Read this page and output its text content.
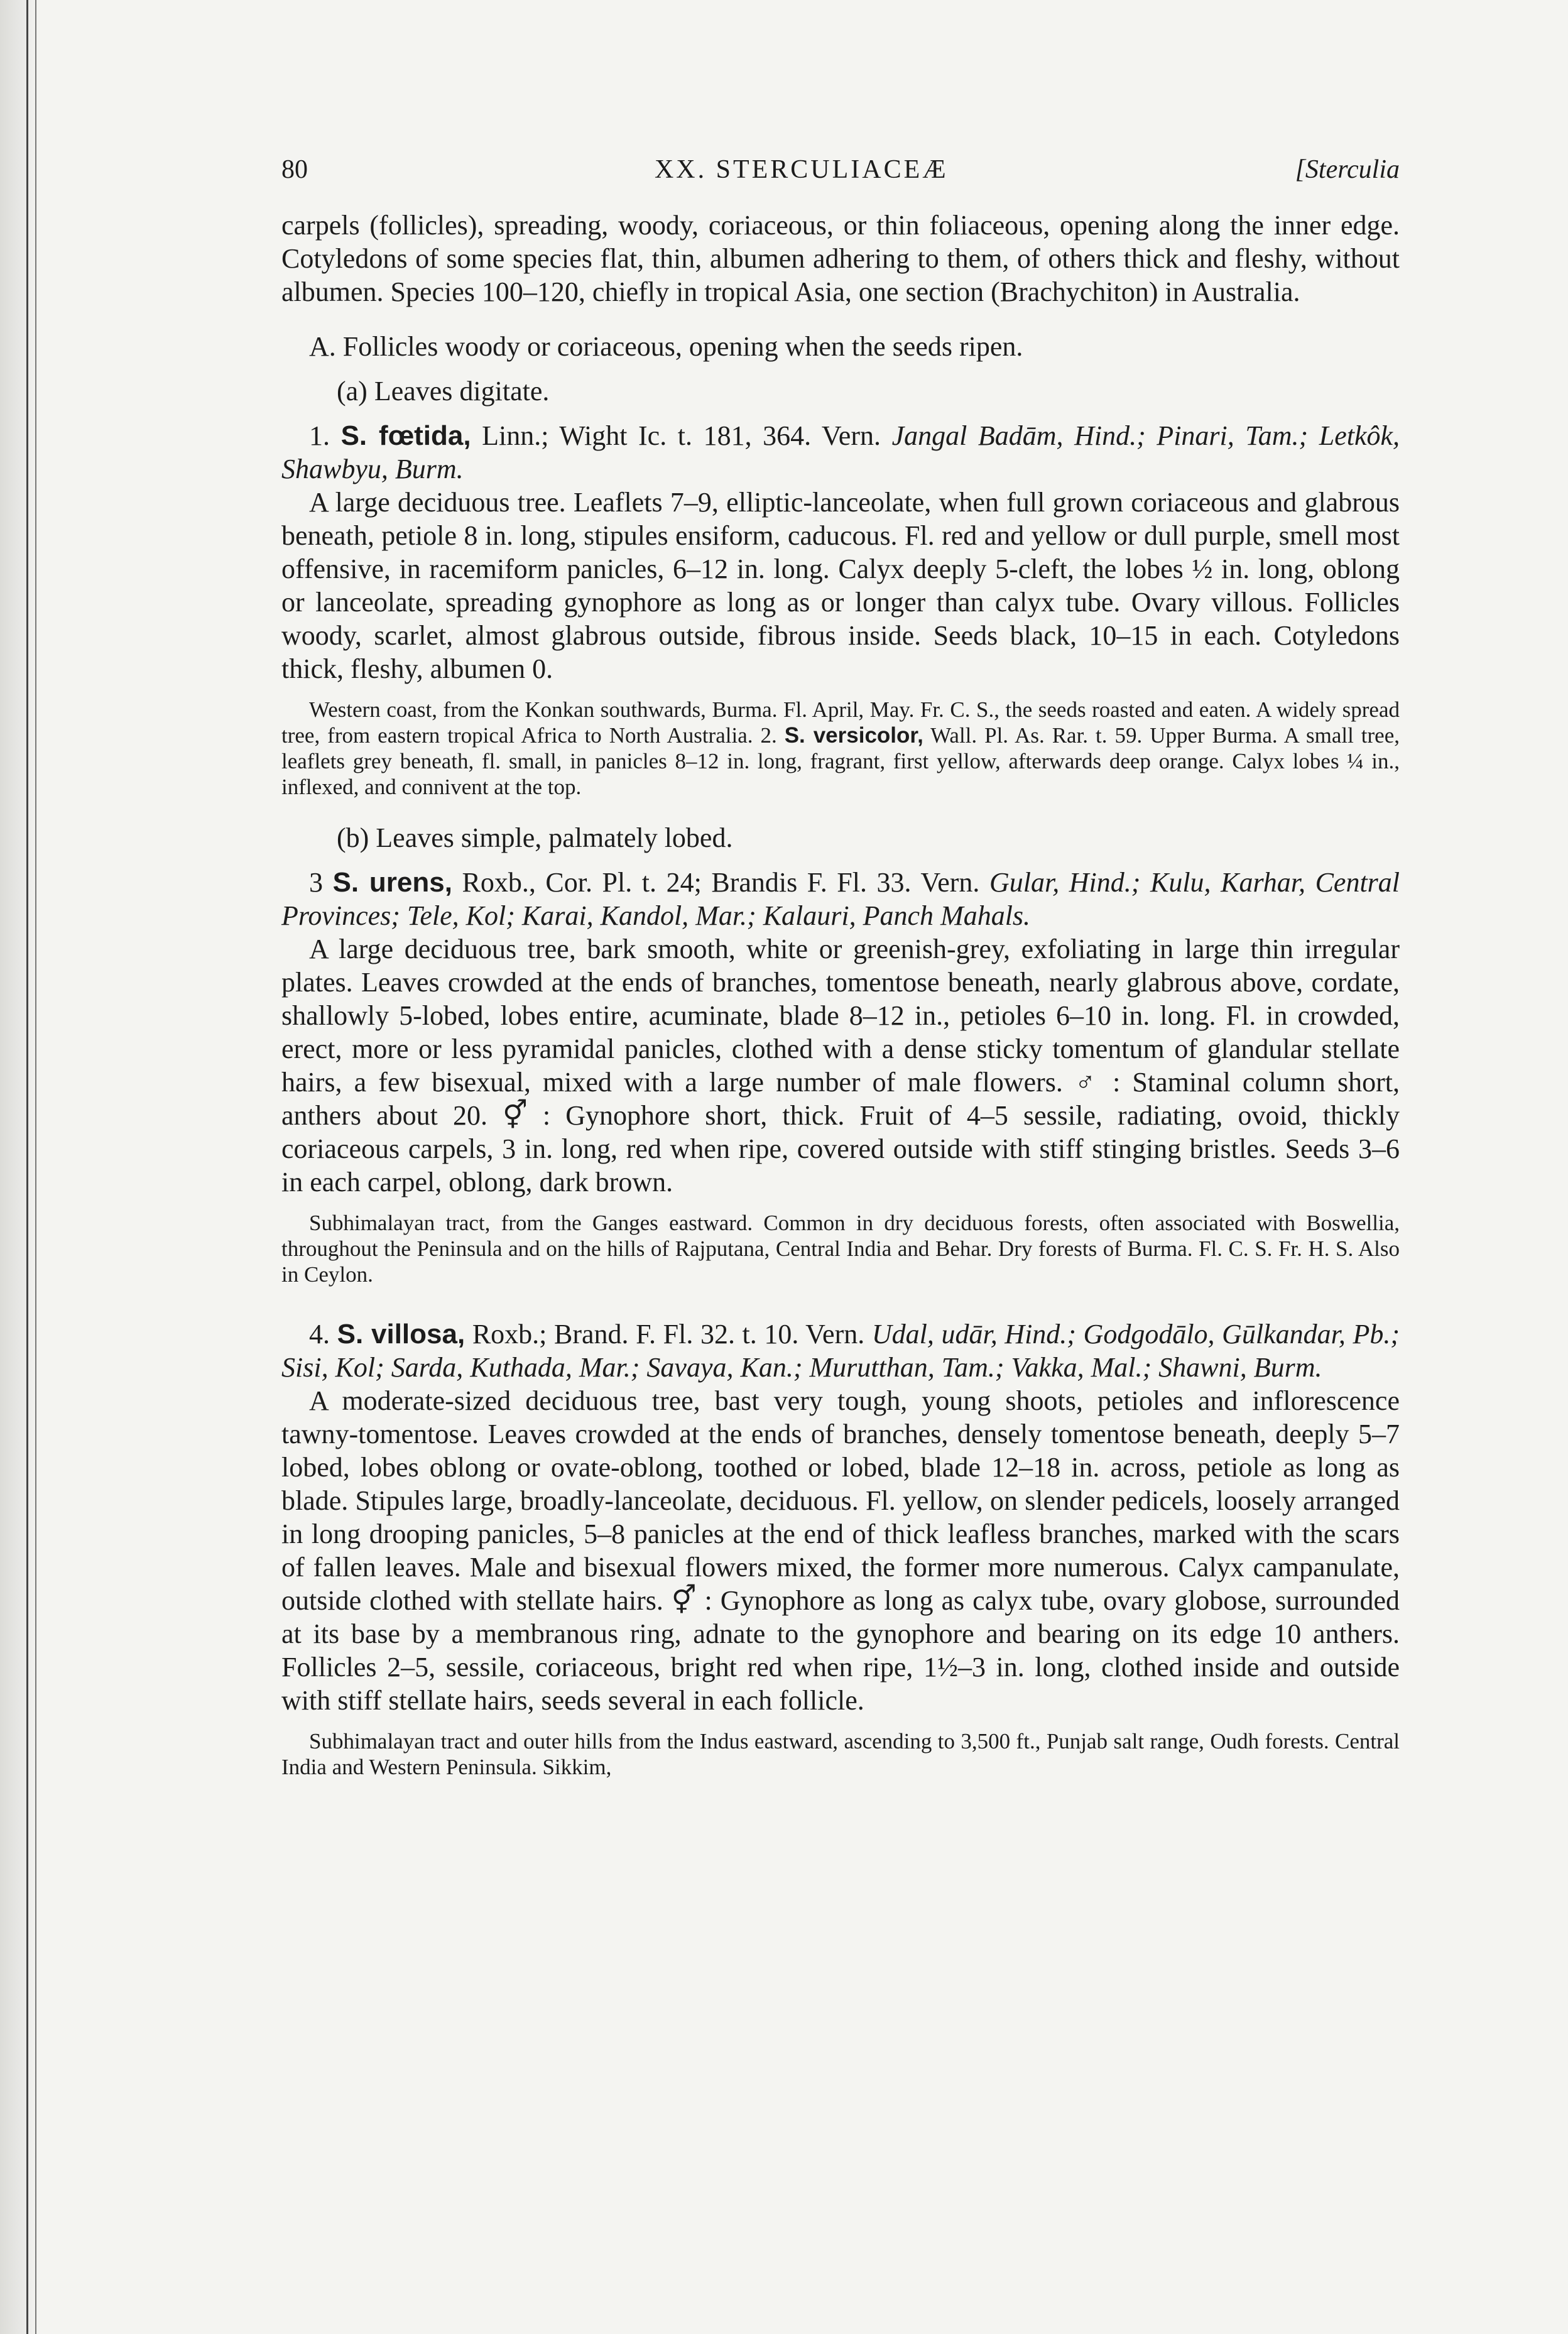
80	XX. STERCULIACEÆ	[Sterculia

carpels (follicles), spreading, woody, coriaceous, or thin foliaceous, opening along the inner edge. Cotyledons of some species flat, thin, albumen adhering to them, of others thick and fleshy, without albumen. Species 100–120, chiefly in tropical Asia, one section (Brachychiton) in Australia.

A. Follicles woody or coriaceous, opening when the seeds ripen.

(a) Leaves digitate.

1. S. fœtida, Linn.; Wight Ic. t. 181, 364. Vern. Jangal Badām, Hind.; Pinari, Tam.; Letkôk, Shawbyu, Burm.

A large deciduous tree. Leaflets 7–9, elliptic-lanceolate, when full grown coriaceous and glabrous beneath, petiole 8 in. long, stipules ensiform, caducous. Fl. red and yellow or dull purple, smell most offensive, in racemiform panicles, 6–12 in. long. Calyx deeply 5-cleft, the lobes ½ in. long, oblong or lanceolate, spreading gynophore as long as or longer than calyx tube. Ovary villous. Follicles woody, scarlet, almost glabrous outside, fibrous inside. Seeds black, 10–15 in each. Cotyledons thick, fleshy, albumen 0.

Western coast, from the Konkan southwards, Burma. Fl. April, May. Fr. C. S., the seeds roasted and eaten. A widely spread tree, from eastern tropical Africa to North Australia. 2. S. versicolor, Wall. Pl. As. Rar. t. 59. Upper Burma. A small tree, leaflets grey beneath, fl. small, in panicles 8–12 in. long, fragrant, first yellow, afterwards deep orange. Calyx lobes ¼ in., inflexed, and connivent at the top.

(b) Leaves simple, palmately lobed.

3 S. urens, Roxb., Cor. Pl. t. 24; Brandis F. Fl. 33. Vern. Gular, Hind.; Kulu, Karhar, Central Provinces; Tele, Kol; Karai, Kandol, Mar.; Kalauri, Panch Mahals.

A large deciduous tree, bark smooth, white or greenish-grey, exfoliating in large thin irregular plates. Leaves crowded at the ends of branches, tomentose beneath, nearly glabrous above, cordate, shallowly 5-lobed, lobes entire, acuminate, blade 8–12 in., petioles 6–10 in. long. Fl. in crowded, erect, more or less pyramidal panicles, clothed with a dense sticky tomentum of glandular stellate hairs, a few bisexual, mixed with a large number of male flowers. ♂ : Staminal column short, anthers about 20. ⚥ : Gynophore short, thick. Fruit of 4–5 sessile, radiating, ovoid, thickly coriaceous carpels, 3 in. long, red when ripe, covered outside with stiff stinging bristles. Seeds 3–6 in each carpel, oblong, dark brown.

Subhimalayan tract, from the Ganges eastward. Common in dry deciduous forests, often associated with Boswellia, throughout the Peninsula and on the hills of Rajputana, Central India and Behar. Dry forests of Burma. Fl. C. S. Fr. H. S. Also in Ceylon.

4. S. villosa, Roxb.; Brand. F. Fl. 32. t. 10. Vern. Udal, udār, Hind.; Godgodālo, Gūlkandar, Pb.; Sisi, Kol; Sarda, Kuthada, Mar.; Savaya, Kan.; Murutthan, Tam.; Vakka, Mal.; Shawni, Burm.

A moderate-sized deciduous tree, bast very tough, young shoots, petioles and inflorescence tawny-tomentose. Leaves crowded at the ends of branches, densely tomentose beneath, deeply 5–7 lobed, lobes oblong or ovate-oblong, toothed or lobed, blade 12–18 in. across, petiole as long as blade. Stipules large, broadly-lanceolate, deciduous. Fl. yellow, on slender pedicels, loosely arranged in long drooping panicles, 5–8 panicles at the end of thick leafless branches, marked with the scars of fallen leaves. Male and bisexual flowers mixed, the former more numerous. Calyx campanulate, outside clothed with stellate hairs. ⚥ : Gynophore as long as calyx tube, ovary globose, surrounded at its base by a membranous ring, adnate to the gynophore and bearing on its edge 10 anthers. Follicles 2–5, sessile, coriaceous, bright red when ripe, 1½–3 in. long, clothed inside and outside with stiff stellate hairs, seeds several in each follicle.

Subhimalayan tract and outer hills from the Indus eastward, ascending to 3,500 ft., Punjab salt range, Oudh forests. Central India and Western Peninsula. Sikkim,
